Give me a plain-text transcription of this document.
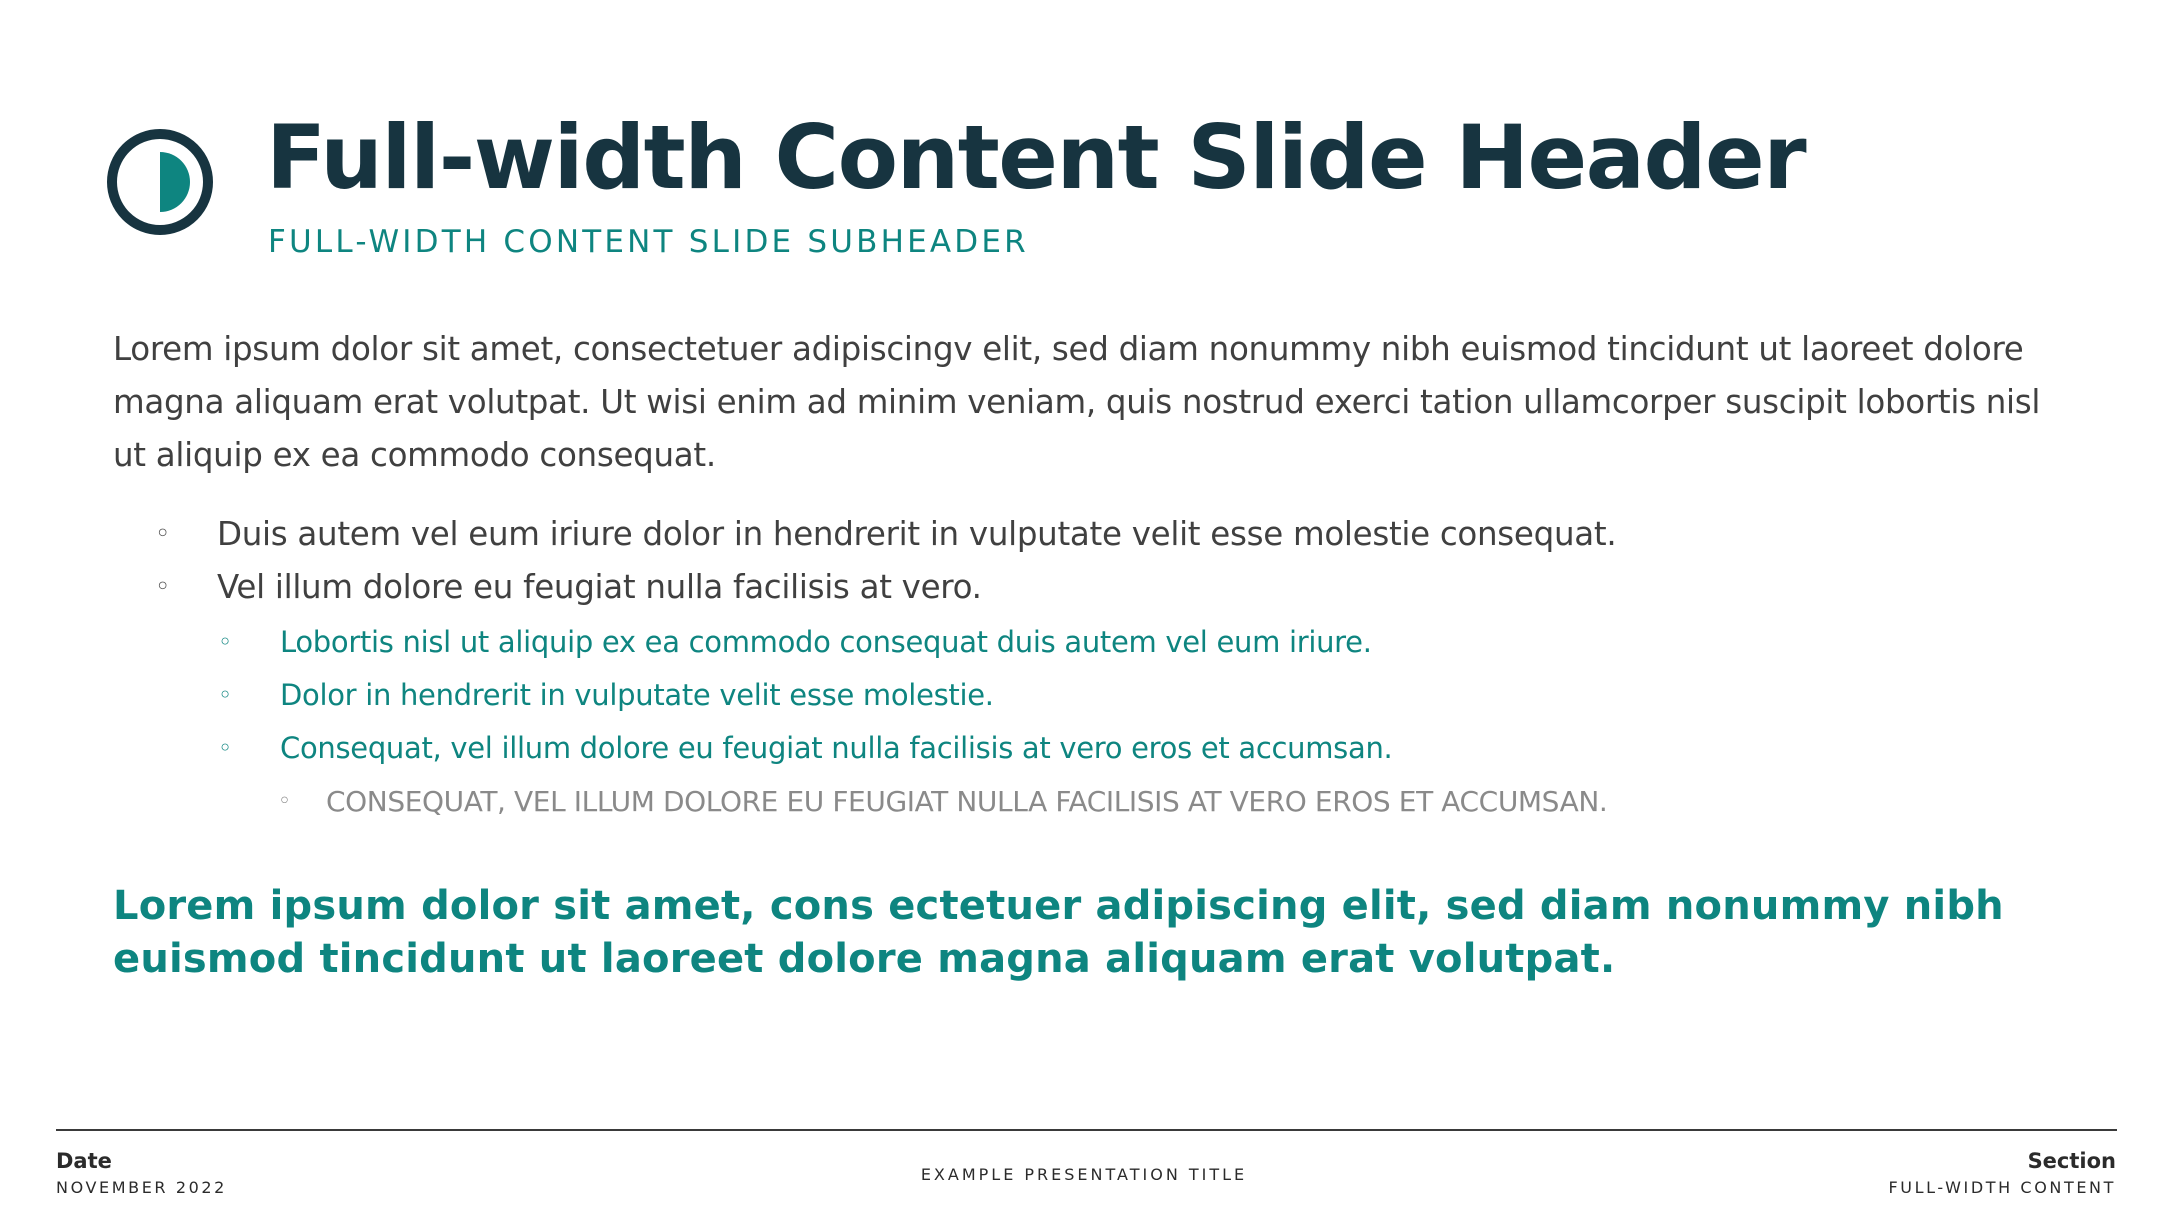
Full-width Content Slide Header
FULL-WIDTH CONTENT SLIDE SUBHEADER

Lorem ipsum dolor sit amet, consectetuer adipiscingv elit, sed diam nonummy nibh euismod tincidunt ut laoreet dolore magna aliquam erat volutpat. Ut wisi enim ad minim veniam, quis nostrud exerci tation ullamcorper suscipit lobortis nisl ut aliquip ex ea commodo consequat.

◦ Duis autem vel eum iriure dolor in hendrerit in vulputate velit esse molestie consequat.
◦ Vel illum dolore eu feugiat nulla facilisis at vero.
◦ Lobortis nisl ut aliquip ex ea commodo consequat duis autem vel eum iriure.
◦ Dolor in hendrerit in vulputate velit esse molestie.
◦ Consequat, vel illum dolore eu feugiat nulla facilisis at vero eros et accumsan.
◦ CONSEQUAT, VEL ILLUM DOLORE EU FEUGIAT NULLA FACILISIS AT VERO EROS ET ACCUMSAN.

Lorem ipsum dolor sit amet, cons ectetuer adipiscing elit, sed diam nonummy nibh euismod tincidunt ut laoreet dolore magna aliquam erat volutpat.

Date
NOVEMBER 2022
EXAMPLE PRESENTATION TITLE
Section
FULL-WIDTH CONTENT
